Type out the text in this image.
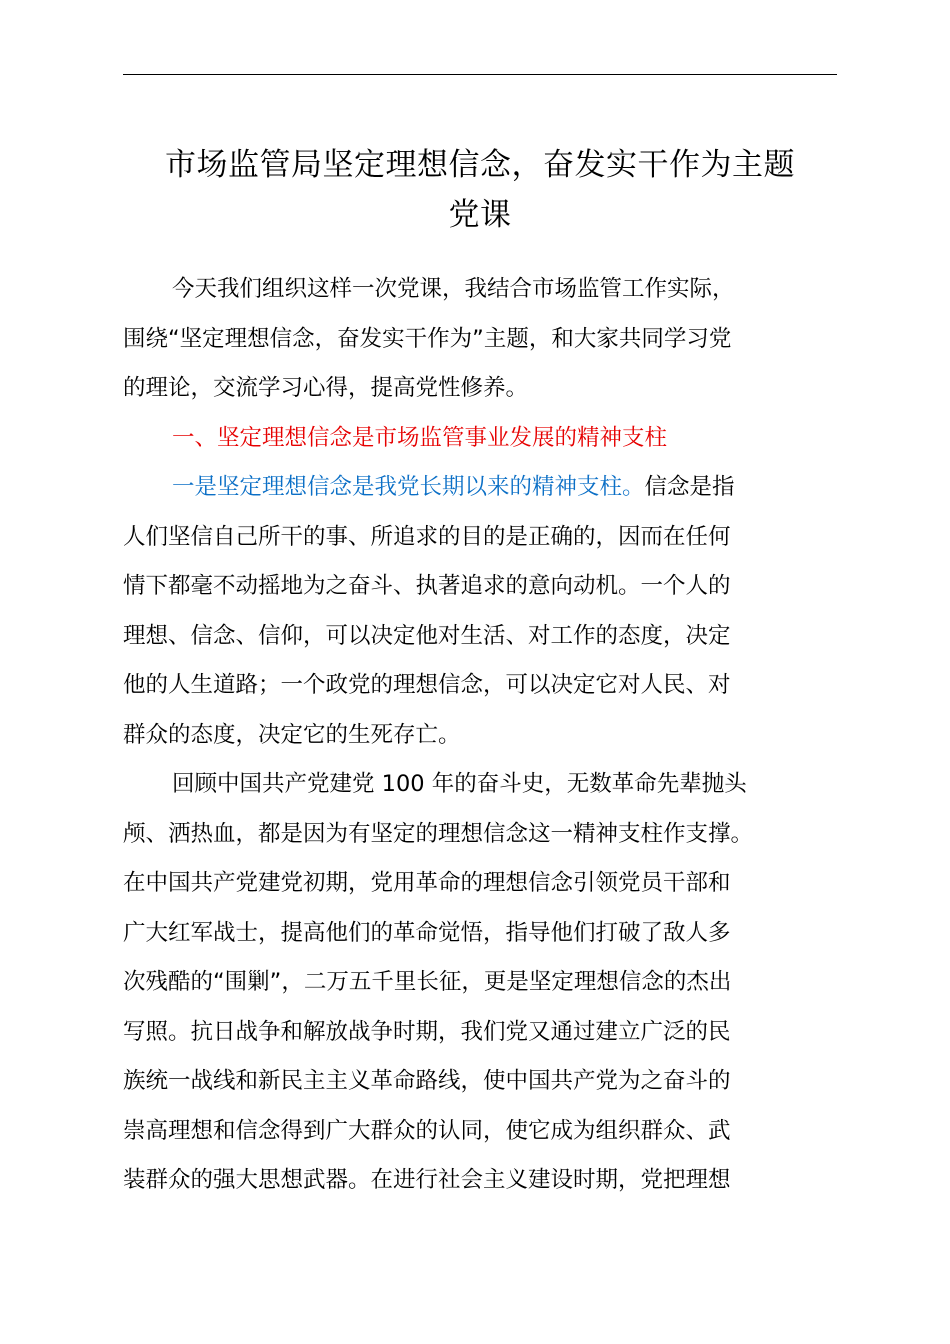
市场监管局坚定理想信念，奋发实干作为主题
党课
今天我们组织这样一次党课，我结合市场监管工作实际，
围绕“坚定理想信念，奋发实干作为”主题，和大家共同学习党
的理论，交流学习心得，提高党性修养。
一、坚定理想信念是市场监管事业发展的精神支柱
一是坚定理想信念是我党长期以来的精神支柱。信念是指
人们坚信自己所干的事、所追求的目的是正确的，因而在任何
情下都毫不动摇地为之奋斗、执著追求的意向动机。一个人的
理想、信念、信仰，可以决定他对生活、对工作的态度，决定
他的人生道路；一个政党的理想信念，可以决定它对人民、对
群众的态度，决定它的生死存亡。
回顾中国共产党建党 100 年的奋斗史，无数革命先辈抛头
颅、洒热血，都是因为有坚定的理想信念这一精神支柱作支撑。
在中国共产党建党初期，党用革命的理想信念引领党员干部和
广大红军战士，提高他们的革命觉悟，指导他们打破了敌人多
次残酷的“围剿”，二万五千里长征，更是坚定理想信念的杰出
写照。抗日战争和解放战争时期，我们党又通过建立广泛的民
族统一战线和新民主主义革命路线，使中国共产党为之奋斗的
崇高理想和信念得到广大群众的认同，使它成为组织群众、武
装群众的强大思想武器。在进行社会主义建设时期，党把理想
